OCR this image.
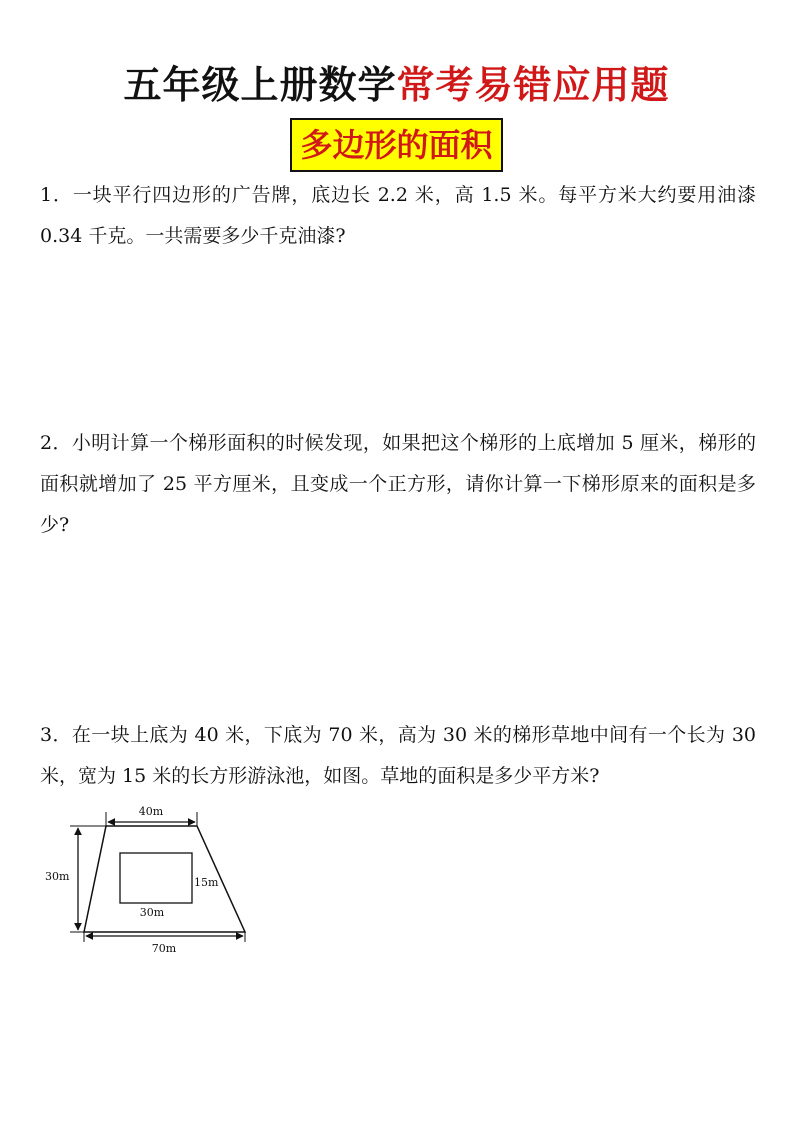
五年级上册数学常考易错应用题
多边形的面积
1．一块平行四边形的广告牌，底边长 2.2 米，高 1.5 米。每平方米大约要用油漆 0.34 千克。一共需要多少千克油漆?
2．小明计算一个梯形面积的时候发现，如果把这个梯形的上底增加 5 厘米，梯形的面积就增加了 25 平方厘米，且变成一个正方形，请你计算一下梯形原来的面积是多少?
3．在一块上底为 40 米，下底为 70 米，高为 30 米的梯形草地中间有一个长为 30 米，宽为 15 米的长方形游泳池，如图。草地的面积是多少平方米?
40m
30m	15m
30m
70m
